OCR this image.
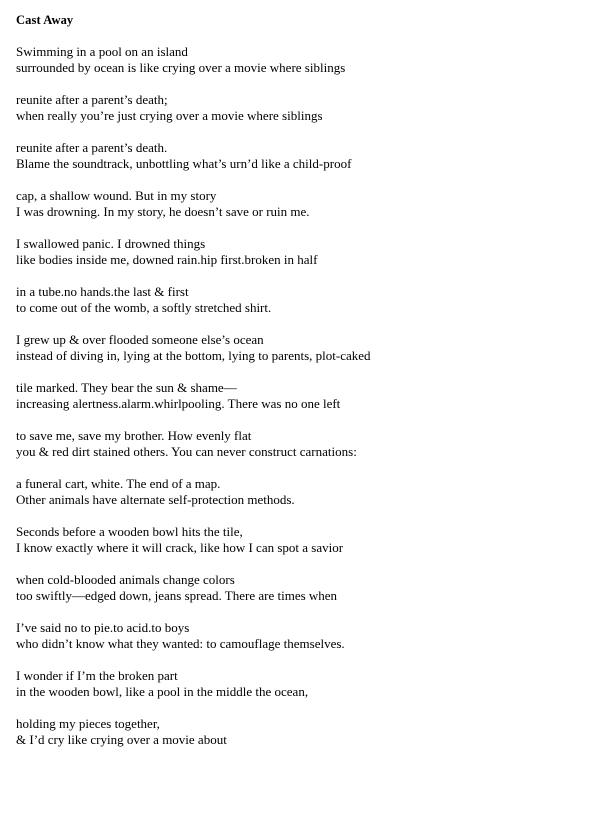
Cast Away

Swimming in a pool on an island

surrounded by ocean is like crying over a movie where siblings

reunite after a parent’s death;

when really you’re just crying over a movie where siblings

reunite after a parent’s death.

Blame the soundtrack, unbottling what’s urn’d like a child-proof

cap, a shallow wound. But in my story

I was drowning. In my story, he doesn’t save or ruin me.

I swallowed panic. I drowned things

like bodies inside me, downed rain.hip first.broken in half

in a tube.no hands.the last & first

to come out of the womb, a softly stretched shirt.

I grew up & over flooded someone else’s ocean

instead of diving in, lying at the bottom, lying to parents, plot-caked

tile marked. They bear the sun & shame—

increasing alertness.alarm.whirlpooling. There was no one left

to save me, save my brother. How evenly flat

you & red dirt stained others. You can never construct carnations:

a funeral cart, white. The end of a map.

Other animals have alternate self-protection methods.

Seconds before a wooden bowl hits the tile,

I know exactly where it will crack, like how I can spot a savior

when cold-blooded animals change colors

too swiftly—edged down, jeans spread. There are times when

I’ve said no to pie.to acid.to boys

who didn’t know what they wanted: to camouflage themselves.

I wonder if I’m the broken part

in the wooden bowl, like a pool in the middle the ocean,

holding my pieces together,

& I’d cry like crying over a movie about
